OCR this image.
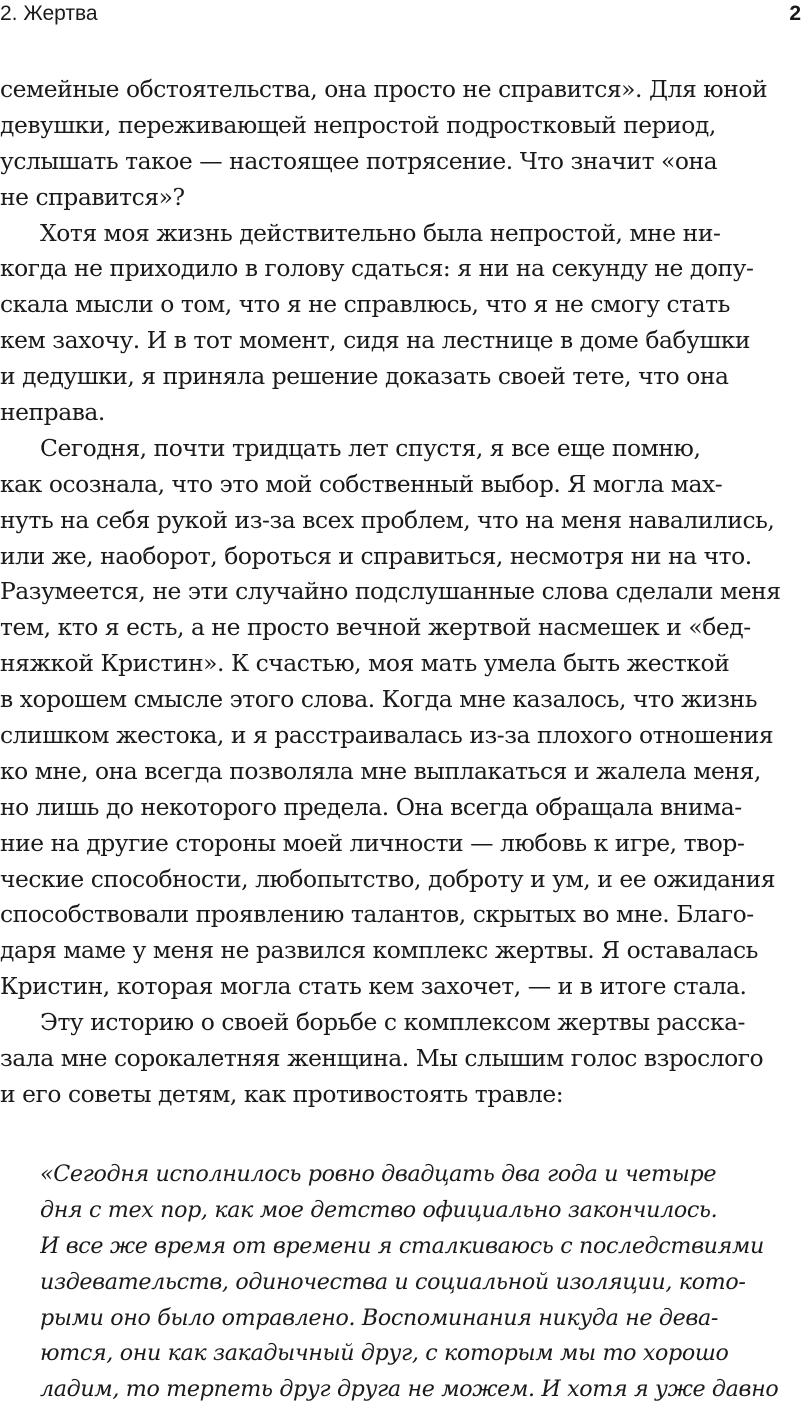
2. Жертва	2
семейные обстоятельства, она просто не справится». Для юной
девушки, переживающей непростой подростковый период,
услышать такое — настоящее потрясение. Что значит «она
не справится»?
Хотя моя жизнь действительно была непростой, мне ни-
когда не приходило в голову сдаться: я ни на секунду не допу-
скала мысли о том, что я не справлюсь, что я не смогу стать
кем захочу. И в тот момент, сидя на лестнице в доме бабушки
и дедушки, я приняла решение доказать своей тете, что она
неправа.
Сегодня, почти тридцать лет спустя, я все еще помню,
как осознала, что это мой собственный выбор. Я могла мах-
нуть на себя рукой из-за всех проблем, что на меня навалились,
или же, наоборот, бороться и справиться, несмотря ни на что.
Разумеется, не эти случайно подслушанные слова сделали меня
тем, кто я есть, а не просто вечной жертвой насмешек и «бед-
няжкой Кристин». К счастью, моя мать умела быть жесткой
в хорошем смысле этого слова. Когда мне казалось, что жизнь
слишком жестока, и я расстраивалась из-за плохого отношения
ко мне, она всегда позволяла мне выплакаться и жалела меня,
но лишь до некоторого предела. Она всегда обращала внима-
ние на другие стороны моей личности — любовь к игре, твор-
ческие способности, любопытство, доброту и ум, и ее ожидания
способствовали проявлению талантов, скрытых во мне. Благо-
даря маме у меня не развился комплекс жертвы. Я оставалась
Кристин, которая могла стать кем захочет, — и в итоге стала.
Эту историю о своей борьбе с комплексом жертвы расска-
зала мне сорокалетняя женщина. Мы слышим голос взрослого
и его советы детям, как противостоять травле:
«Сегодня исполнилось ровно двадцать два года и четыре
дня с тех пор, как мое детство официально закончилось.
И все же время от времени я сталкиваюсь с последствиями
издевательств, одиночества и социальной изоляции, кото-
рыми оно было отравлено. Воспоминания никуда не дева-
ются, они как закадычный друг, с которым мы то хорошо
ладим, то терпеть друг друга не можем. И хотя я уже давно
